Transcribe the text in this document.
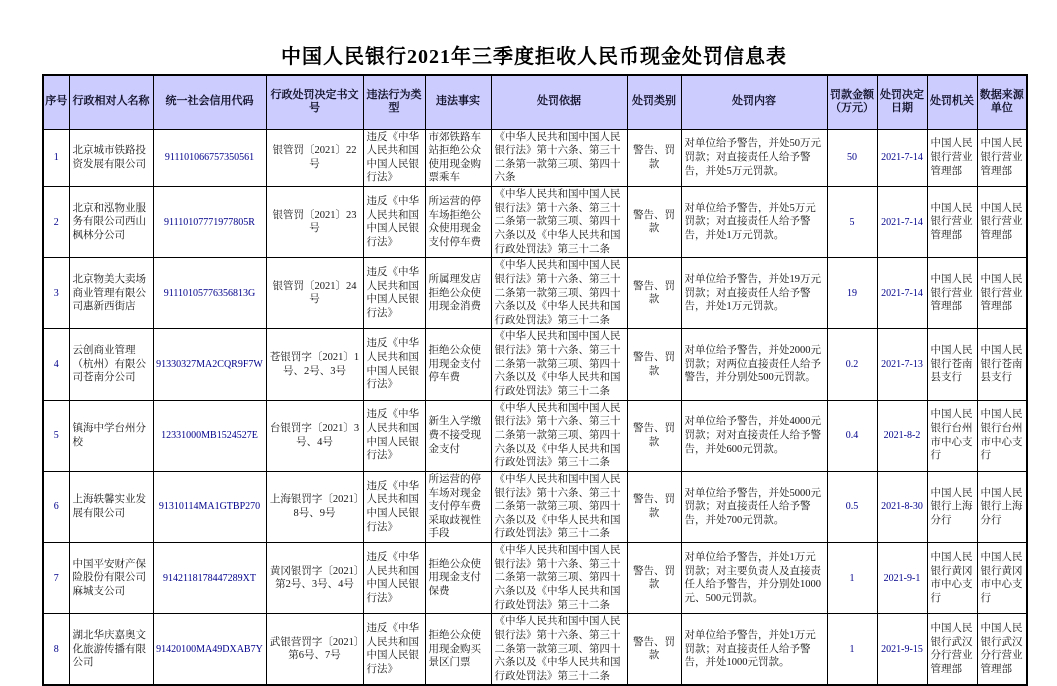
中国人民银行2021年三季度拒收人民币现金处罚信息表
序号	行政相对人名称	统一社会信用代码	行政处罚决定书文号	违法行为类型	违法事实	处罚依据	处罚类别	处罚内容	罚款金额（万元）	处罚决定日期	处罚机关	数据来源单位
1	北京城市铁路投资发展有限公司	911101066757350561	银管罚〔2021〕22号	违反《中华人民共和国中国人民银行法》	市郊铁路车站拒绝公众使用现金购票乘车	《中华人民共和国中国人民银行法》第十六条、第三十二条第一款第三项、第四十六条	警告、罚款	对单位给予警告，并处50万元罚款；对直接责任人给予警告，并处5万元罚款。	50	2021-7-14	中国人民银行营业管理部	中国人民银行营业管理部
2	北京和泓物业服务有限公司西山枫林分公司	91110107771977805R	银管罚〔2021〕23号	违反《中华人民共和国中国人民银行法》	所运营的停车场拒绝公众使用现金支付停车费	《中华人民共和国中国人民银行法》第十六条、第三十二条第一款第三项、第四十六条以及《中华人民共和国行政处罚法》第三十二条	警告、罚款	对单位给予警告，并处5万元罚款；对直接责任人给予警告，并处1万元罚款。	5	2021-7-14	中国人民银行营业管理部	中国人民银行营业管理部
3	北京物美大卖场商业管理有限公司惠新西街店	91110105776356813G	银管罚〔2021〕24号	违反《中华人民共和国中国人民银行法》	所属理发店拒绝公众使用现金消费	《中华人民共和国中国人民银行法》第十六条、第三十二条第一款第三项、第四十六条以及《中华人民共和国行政处罚法》第三十二条	警告、罚款	对单位给予警告，并处19万元罚款；对直接责任人给予警告，并处1万元罚款。	19	2021-7-14	中国人民银行营业管理部	中国人民银行营业管理部
4	云创商业管理（杭州）有限公司苍南分公司	91330327MA2CQR9F7W	苍银罚字〔2021〕1号、2号、3号	违反《中华人民共和国中国人民银行法》	拒绝公众使用现金支付停车费	《中华人民共和国中国人民银行法》第十六条、第三十二条第一款第三项、第四十六条以及《中华人民共和国行政处罚法》第三十二条	警告、罚款	对单位给予警告，并处2000元罚款；对两位直接责任人给予警告，并分别处500元罚款。	0.2	2021-7-13	中国人民银行苍南县支行	中国人民银行苍南县支行
5	镇海中学台州分校	12331000MB1524527E	台银罚字〔2021〕3号、4号	违反《中华人民共和国中国人民银行法》	新生入学缴费不接受现金支付	《中华人民共和国中国人民银行法》第十六条、第三十二条第一款第三项、第四十六条以及《中华人民共和国行政处罚法》第三十二条	警告、罚款	对单位给予警告，并处4000元罚款；对对直接责任人给予警告，并处600元罚款。	0.4	2021-8-2	中国人民银行台州市中心支行	中国人民银行台州市中心支行
6	上海轶馨实业发展有限公司	91310114MA1GTBP270	上海银罚字〔2021〕8号、9号	违反《中华人民共和国中国人民银行法》	所运营的停车场对现金支付停车费采取歧视性手段	《中华人民共和国中国人民银行法》第十六条、第三十二条第一款第三项、第四十六条以及《中华人民共和国行政处罚法》第三十二条	警告、罚款	对单位给予警告，并处5000元罚款；对直接责任人给予警告，并处700元罚款。	0.5	2021-8-30	中国人民银行上海分行	中国人民银行上海分行
7	中国平安财产保险股份有限公司麻城支公司	9142118178447289XT	黄冈银罚字〔2021〕第2号、3号、4号	违反《中华人民共和国中国人民银行法》	拒绝公众使用现金支付保费	《中华人民共和国中国人民银行法》第十六条、第三十二条第一款第三项、第四十六条以及《中华人民共和国行政处罚法》第三十二条	警告、罚款	对单位给予警告，并处1万元罚款；对主要负责人及直接责任人给予警告，并分别处1000元、500元罚款。	1	2021-9-1	中国人民银行黄冈市中心支行	中国人民银行黄冈市中心支行
8	湖北华庆嘉奥文化旅游传播有限公司	91420100MA49DXAB7Y	武银营罚字〔2021〕第6号、7号	违反《中华人民共和国中国人民银行法》	拒绝公众使用现金购买景区门票	《中华人民共和国中国人民银行法》第十六条、第三十二条第一款第三项、第四十六条以及《中华人民共和国行政处罚法》第三十二条	警告、罚款	对单位给予警告，并处1万元罚款；对直接责任人给予警告，并处1000元罚款。	1	2021-9-15	中国人民银行武汉分行营业管理部	中国人民银行武汉分行营业管理部
